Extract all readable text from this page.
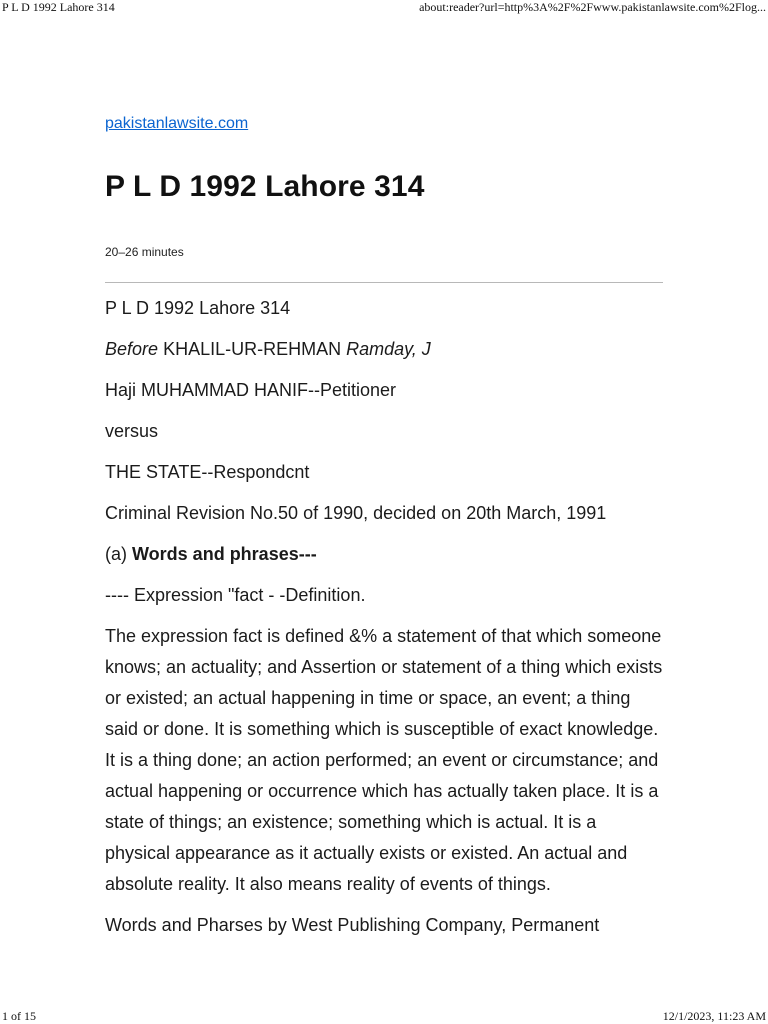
P L D 1992 Lahore 314	about:reader?url=http%3A%2F%2Fwww.pakistanlawsite.com%2Flog...
pakistanlawsite.com
P L D 1992 Lahore 314
20–26 minutes

P L D 1992 Lahore 314

Before KHALIL-UR-REHMAN Ramday, J

Haji MUHAMMAD HANIF--Petitioner

versus

THE STATE--Respondcnt

Criminal Revision No.50 of 1990, decided on 20th March, 1991

(a) Words and phrases---

---- Expression "fact - -Definition.

The expression fact is defined &% a statement of that which someone knows; an actuality; and Assertion or statement of a thing which exists or existed; an actual happening in time or space, an event; a thing said or done. It is something which is susceptible of exact knowledge. It is a thing done; an action performed; an event or circumstance; and actual happening or occurrence which has actually taken place. It is a state of things; an existence; something which is actual. It is a physical appearance as it actually exists or existed. An actual and absolute reality. It also means reality of events of things.

Words and Pharses by West Publishing Company, Permanent

1 of 15	12/1/2023, 11:23 AM
